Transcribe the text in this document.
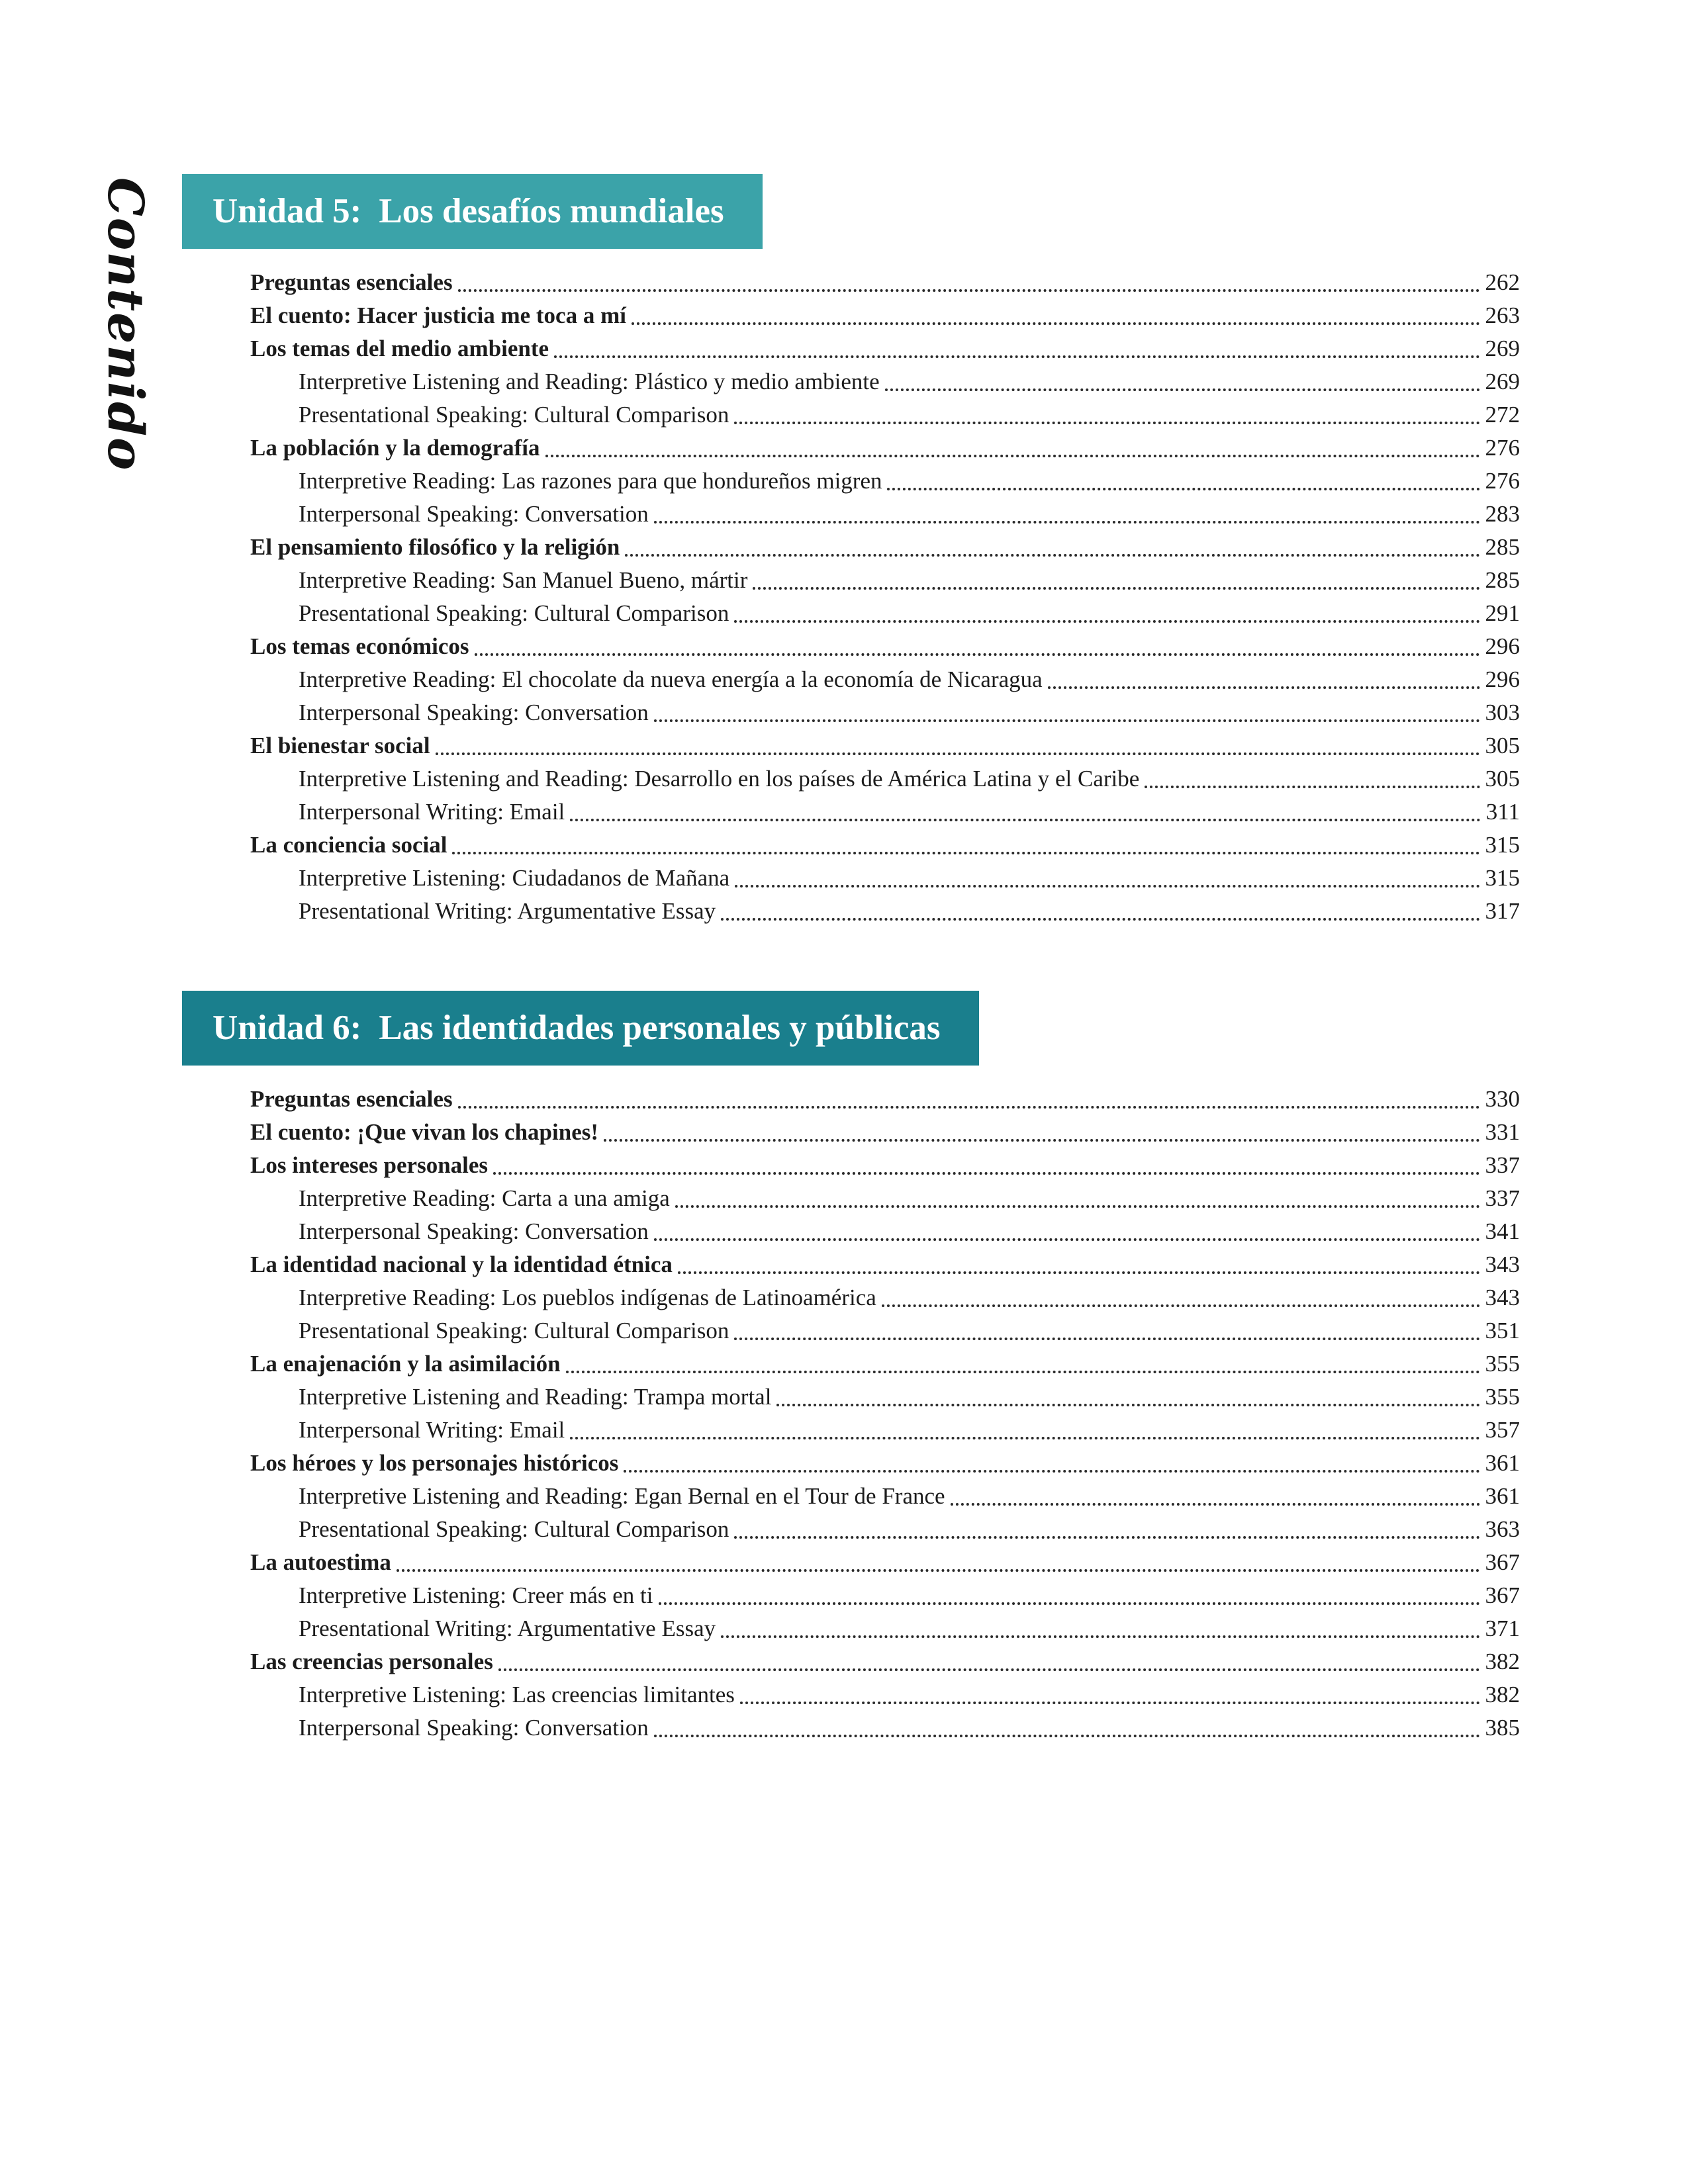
Contenido	Unidad 5: Los desafíos mundiales
Preguntas esenciales	262
El cuento: Hacer justicia me toca a mí	263
Los temas del medio ambiente	269
Interpretive Listening and Reading: Plástico y medio ambiente	269
Presentational Speaking: Cultural Comparison	272
La población y la demografía	276
Interpretive Reading: Las razones para que hondureños migren	276
Interpersonal Speaking: Conversation	283
El pensamiento filosófico y la religión	285
Interpretive Reading: San Manuel Bueno, mártir	285
Presentational Speaking: Cultural Comparison	291
Los temas económicos	296
Interpretive Reading: El chocolate da nueva energía a la economía de Nicaragua	296
Interpersonal Speaking: Conversation	303
El bienestar social	305
Interpretive Listening and Reading: Desarrollo en los países de América Latina y el Caribe	305
Interpersonal Writing: Email	311
La conciencia social	315
Interpretive Listening: Ciudadanos de Mañana	315
Presentational Writing: Argumentative Essay	317
Unidad 6: Las identidades personales y públicas
Preguntas esenciales	330
El cuento: ¡Que vivan los chapines!	331
Los intereses personales	337
Interpretive Reading: Carta a una amiga	337
Interpersonal Speaking: Conversation	341
La identidad nacional y la identidad étnica	343
Interpretive Reading: Los pueblos indígenas de Latinoamérica	343
Presentational Speaking: Cultural Comparison	351
La enajenación y la asimilación	355
Interpretive Listening and Reading: Trampa mortal	355
Interpersonal Writing: Email	357
Los héroes y los personajes históricos	361
Interpretive Listening and Reading: Egan Bernal en el Tour de France	361
Presentational Speaking: Cultural Comparison	363
La autoestima	367
Interpretive Listening: Creer más en ti	367
Presentational Writing: Argumentative Essay	371
Las creencias personales	382
Interpretive Listening: Las creencias limitantes	382
Interpersonal Speaking: Conversation	385
